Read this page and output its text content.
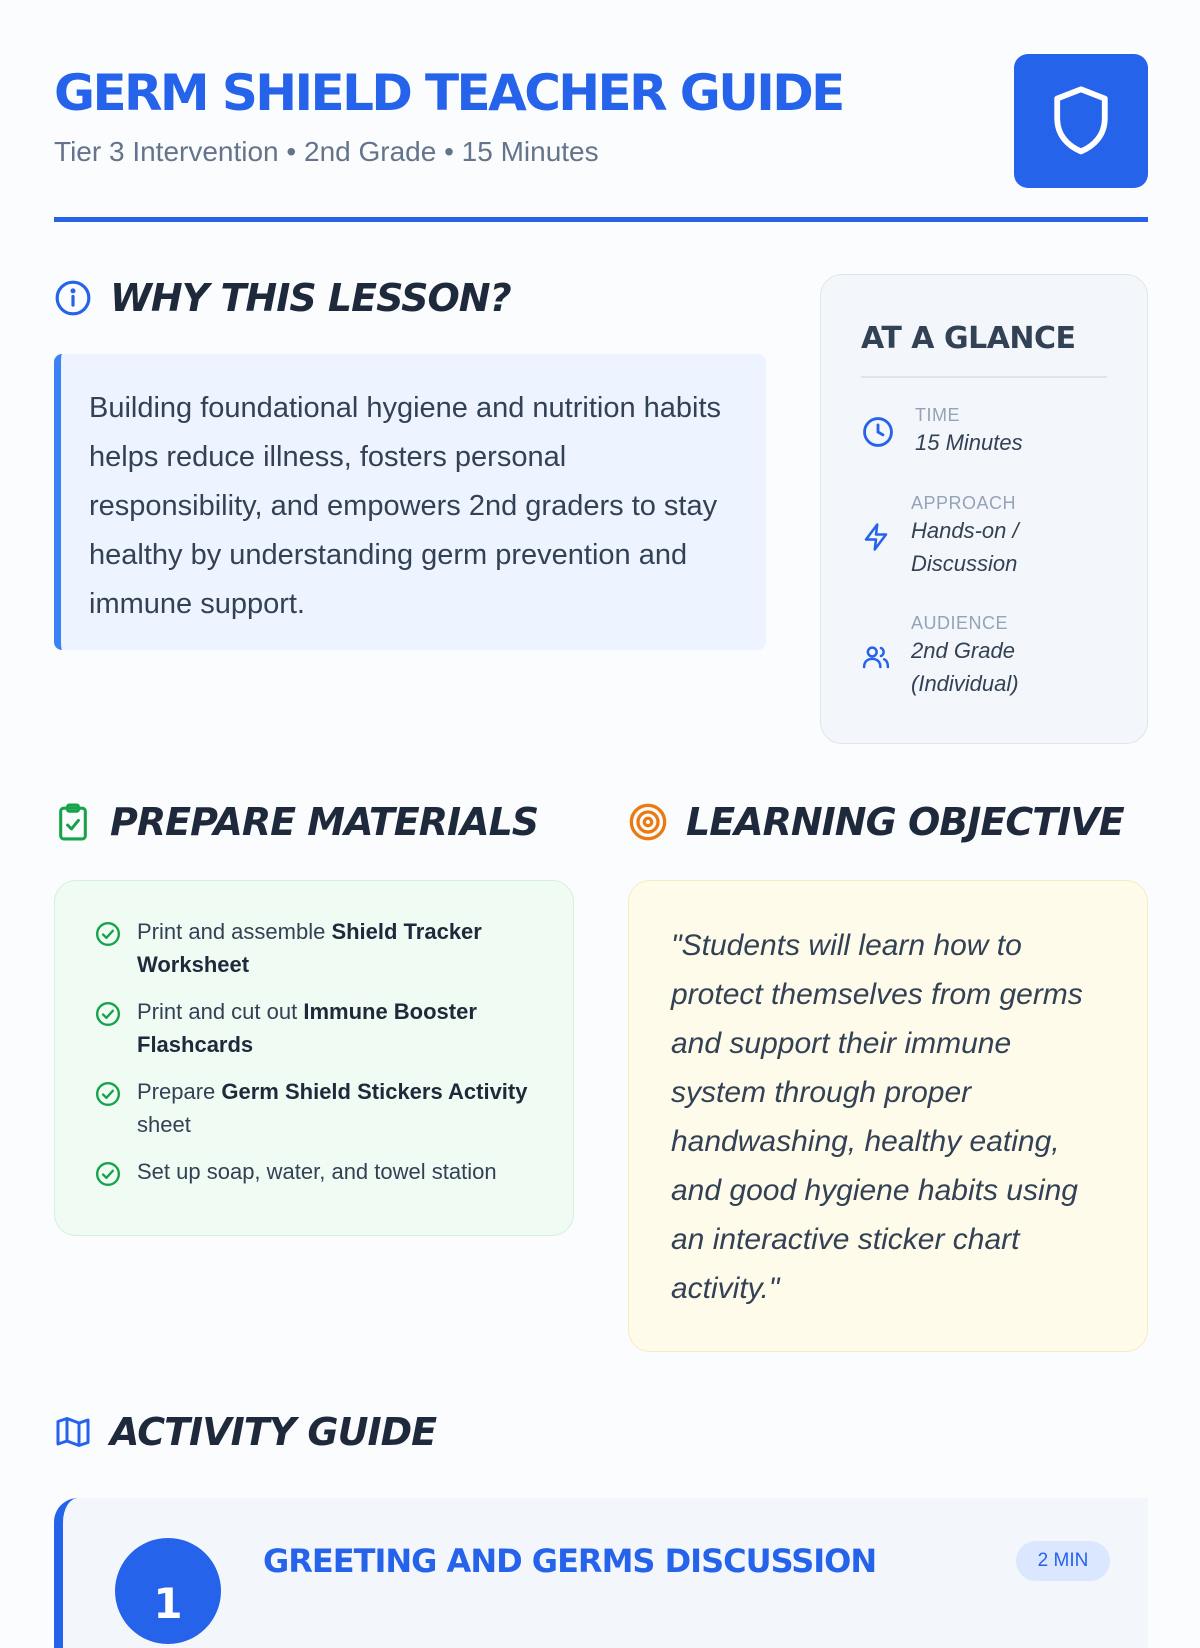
GERM SHIELD TEACHER GUIDE
Tier 3 Intervention • 2nd Grade • 15 Minutes
WHY THIS LESSON?

Building foundational hygiene and nutrition habits helps reduce illness, fosters personal responsibility, and empowers 2nd graders to stay healthy by understanding germ prevention and immune support.

AT A GLANCE
TIME
15 Minutes
APPROACH
Hands-on / Discussion
AUDIENCE
2nd Grade (Individual)
PREPARE MATERIALS
Print and assemble Shield Tracker Worksheet
Print and cut out Immune Booster Flashcards
Prepare Germ Shield Stickers Activity sheet
Set up soap, water, and towel station
LEARNING OBJECTIVE

"Students will learn how to protect themselves from germs and support their immune system through proper handwashing, healthy eating, and good hygiene habits using an interactive sticker chart activity."

ACTIVITY GUIDE
1
GREETING AND GERMS DISCUSSION	2 MIN
